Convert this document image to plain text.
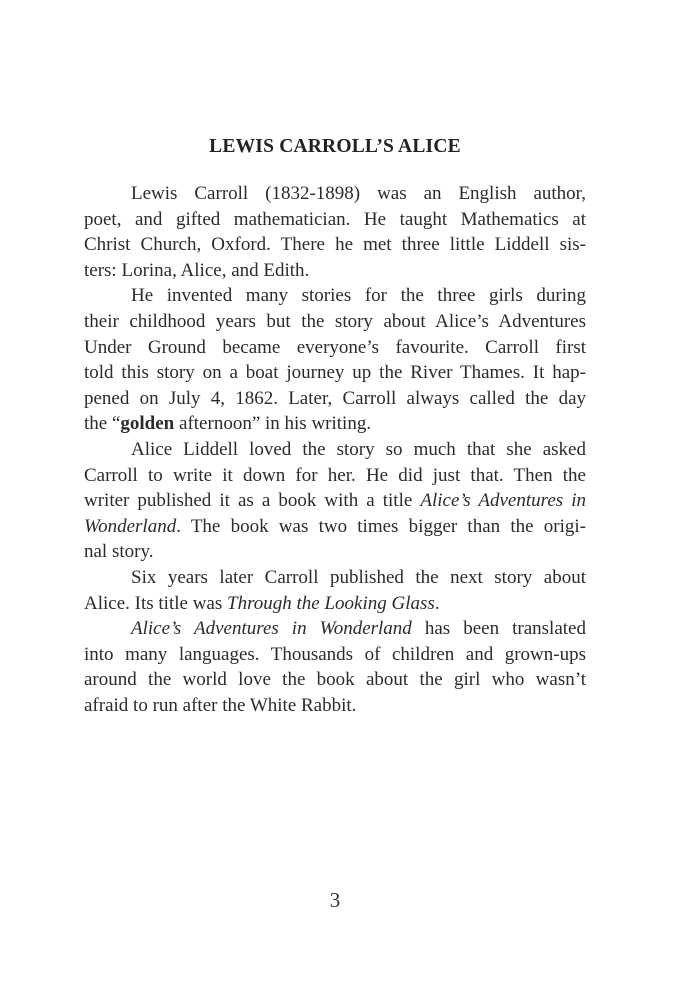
LEWIS CARROLL’S ALICE
Lewis Carroll (1832-1898) was an English author,
poet, and gifted mathematician. He taught Mathematics at
Christ Church, Oxford. There he met three little Liddell sis-
ters: Lorina, Alice, and Edith.
He invented many stories for the three girls during
their childhood years but the story about Alice’s Adventures
Under Ground became everyone’s favourite. Carroll first
told this story on a boat journey up the River Thames. It hap-
pened on July 4, 1862. Later, Carroll always called the day
the “golden afternoon” in his writing.
Alice Liddell loved the story so much that she asked
Carroll to write it down for her. He did just that. Then the
writer published it as a book with a title Alice’s Adventures in
Wonderland. The book was two times bigger than the origi-
nal story.
Six years later Carroll published the next story about
Alice. Its title was Through the Looking Glass.
Alice’s Adventures in Wonderland has been translated
into many languages. Thousands of children and grown-ups
around the world love the book about the girl who wasn’t
afraid to run after the White Rabbit.
3
